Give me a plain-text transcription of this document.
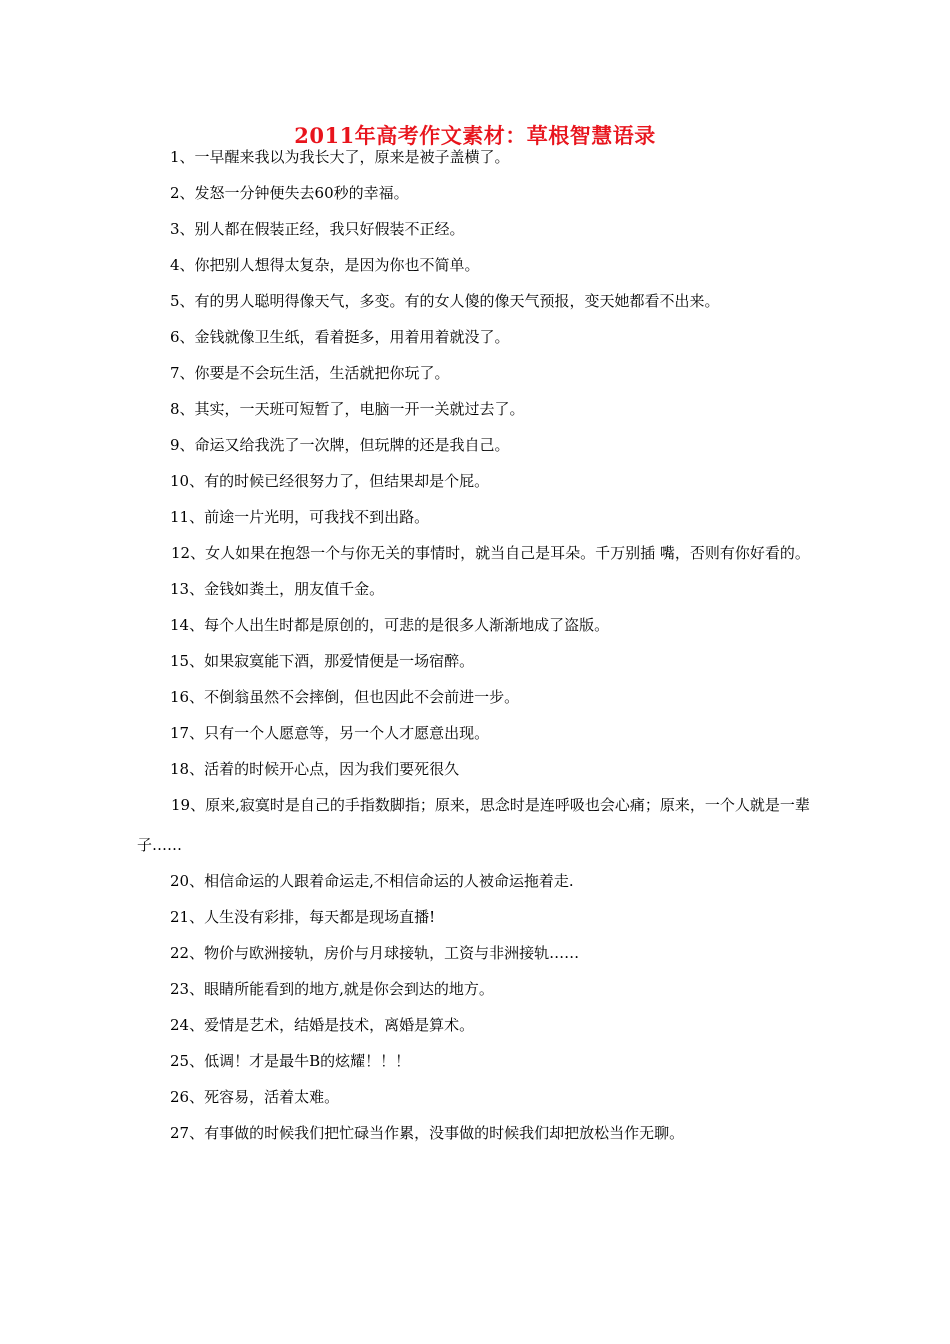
2011年高考作文素材：草根智慧语录
1、一早醒来我以为我长大了，原来是被子盖横了。
2、发怒一分钟便失去60秒的幸福。
3、别人都在假装正经，我只好假装不正经。
4、你把别人想得太复杂，是因为你也不简单。
5、有的男人聪明得像天气，多变。有的女人傻的像天气预报，变天她都看不出来。
6、金钱就像卫生纸，看着挺多，用着用着就没了。
7、你要是不会玩生活，生活就把你玩了。
8、其实，一天班可短暂了，电脑一开一关就过去了。
9、命运又给我洗了一次牌，但玩牌的还是我自己。
10、有的时候已经很努力了，但结果却是个屁。
11、前途一片光明，可我找不到出路。
12、女人如果在抱怨一个与你无关的事情时，就当自己是耳朵。千万别插 嘴，否则有你好看的。
13、金钱如粪土，朋友值千金。
14、每个人出生时都是原创的，可悲的是很多人渐渐地成了盗版。
15、如果寂寞能下酒，那爱情便是一场宿醉。
16、不倒翁虽然不会摔倒，但也因此不会前进一步。
17、只有一个人愿意等，另一个人才愿意出现。
18、活着的时候开心点，因为我们要死很久
19、原来,寂寞时是自己的手指数脚指；原来，思念时是连呼吸也会心痛；原来，一个人就是一辈子……
20、相信命运的人跟着命运走,不相信命运的人被命运拖着走.
21、人生没有彩排，每天都是现场直播!
22、物价与欧洲接轨，房价与月球接轨，工资与非洲接轨……
23、眼睛所能看到的地方,就是你会到达的地方。
24、爱情是艺术，结婚是技术，离婚是算术。
25、低调！才是最牛B的炫耀！！！
26、死容易，活着太难。
27、有事做的时候我们把忙碌当作累，没事做的时候我们却把放松当作无聊。
